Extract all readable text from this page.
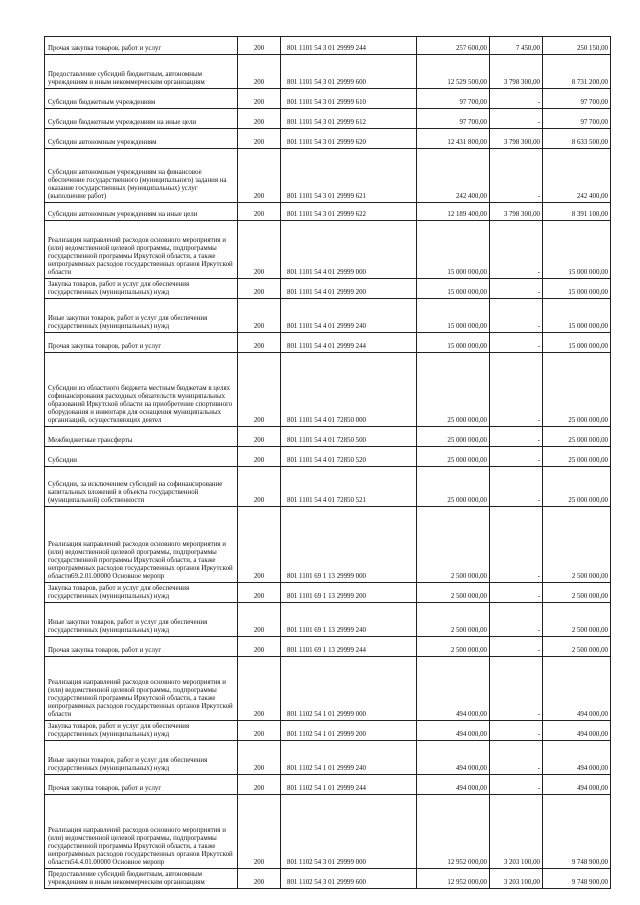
Прочая закупка товаров, работ и услуг	200	801 1101 54 3 01 29999 244	257 600,00	7 450,00	250 150,00
Предоставление субсидий бюджетным, автономным учреждениям и иным некоммерческим организациям	200	801 1101 54 3 01 29999 600	12 529 500,00	3 798 300,00	8 731 200,00
Субсидии бюджетным учреждениям	200	801 1101 54 3 01 29999 610	97 700,00	-	97 700,00
Субсидии бюджетным учреждениям на иные цели	200	801 1101 54 3 01 29999 612	97 700,00	-	97 700,00
Субсидии автономным учреждениям	200	801 1101 54 3 01 29999 620	12 431 800,00	3 798 300,00	8 633 500,00
Субсидии автономным учреждениям на финансовое обеспечение государственного (муниципального) задания на оказание государственных (муниципальных) услуг (выполнение работ)	200	801 1101 54 3 01 29999 621	242 400,00	-	242 400,00
Субсидии автономным учреждениям на иные цели	200	801 1101 54 3 01 29999 622	12 189 400,00	3 798 300,00	8 391 100,00
Реализация направлений расходов основного мероприятия и (или) ведомственной целевой программы, подпрограммы государственной программы Иркутской области, а также непрограммных расходов государственных органов Иркутской области	200	801 1101 54 4 01 29999 000	15 000 000,00	-	15 000 000,00
Закупка товаров, работ и услуг для обеспечения государственных (муниципальных) нужд	200	801 1101 54 4 01 29999 200	15 000 000,00	-	15 000 000,00
Иные закупки товаров, работ и услуг для обеспечения государственных (муниципальных) нужд	200	801 1101 54 4 01 29999 240	15 000 000,00	-	15 000 000,00
Прочая закупка товаров, работ и услуг	200	801 1101 54 4 01 29999 244	15 000 000,00	-	15 000 000,00
Субсидии из областного бюджета местным бюджетам в целях софинансирования расходных обязательств муниципальных образований Иркутской области на приобретение спортивного оборудования и инвентаря для оснащения муниципальных организаций, осуществляющих деятел	200	801 1101 54 4 01 72850 000	25 000 000,00	-	25 000 000,00
Межбюджетные трансферты	200	801 1101 54 4 01 72850 500	25 000 000,00	-	25 000 000,00
Субсидии	200	801 1101 54 4 01 72850 520	25 000 000,00	-	25 000 000,00
Субсидии, за исключением субсидий на софинансирование капитальных вложений в объекты государственной (муниципальной) собственности	200	801 1101 54 4 01 72850 521	25 000 000,00	-	25 000 000,00
Реализация направлений расходов основного мероприятия и (или) ведомственной целевой программы, подпрограммы государственной программы Иркутской области, а также непрограммных расходов государственных органов Иркутской области69.2.01.00000 Основное меропр	200	801 1101 69 1 13 29999 000	2 500 000,00	-	2 500 000,00
Закупка товаров, работ и услуг для обеспечения государственных (муниципальных) нужд	200	801 1101 69 1 13 29999 200	2 500 000,00	-	2 500 000,00
Иные закупки товаров, работ и услуг для обеспечения государственных (муниципальных) нужд	200	801 1101 69 1 13 29999 240	2 500 000,00	-	2 500 000,00
Прочая закупка товаров, работ и услуг	200	801 1101 69 1 13 29999 244	2 500 000,00	-	2 500 000,00
Реализация направлений расходов основного мероприятия и (или) ведомственной целевой программы, подпрограммы государственной программы Иркутской области, а также непрограммных расходов государственных органов Иркутской области	200	801 1102 54 1 01 29999 000	494 000,00	-	494 000,00
Закупка товаров, работ и услуг для обеспечения государственных (муниципальных) нужд	200	801 1102 54 1 01 29999 200	494 000,00	-	494 000,00
Иные закупки товаров, работ и услуг для обеспечения государственных (муниципальных) нужд	200	801 1102 54 1 01 29999 240	494 000,00	-	494 000,00
Прочая закупка товаров, работ и услуг	200	801 1102 54 1 01 29999 244	494 000,00	-	494 000,00
Реализация направлений расходов основного мероприятия и (или) ведомственной целевой программы, подпрограммы государственной программы Иркутской области, а также непрограммных расходов государственных органов Иркутской области54.4.01.00000 Основное меропр	200	801 1102 54 3 01 29999 000	12 952 000,00	3 203 100,00	9 748 900,00
Предоставление субсидий бюджетным, автономным учреждениям и иным некоммерческим организациям	200	801 1102 54 3 01 29999 600	12 952 000,00	3 203 100,00	9 748 900,00
